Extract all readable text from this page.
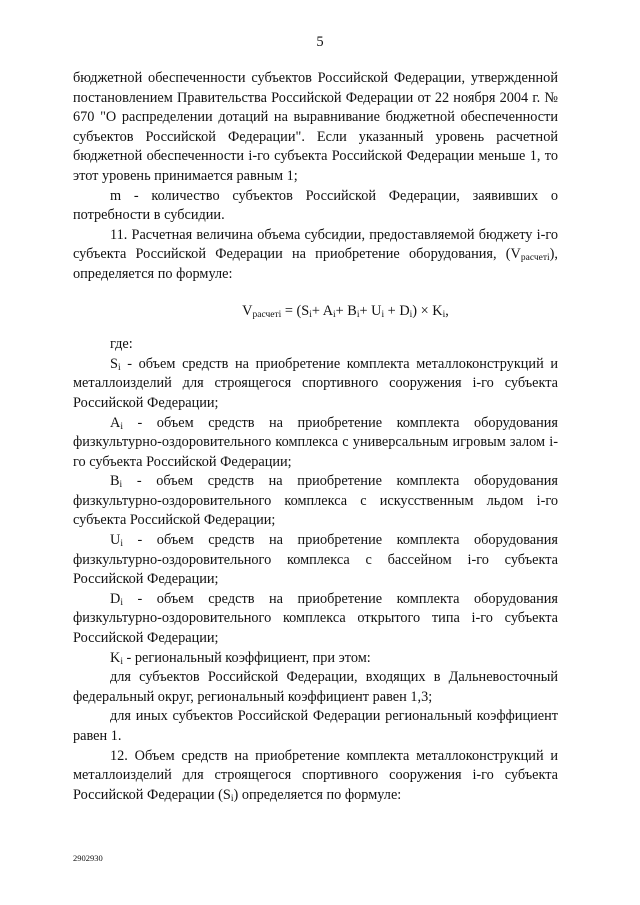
5

бюджетной обеспеченности субъектов Российской Федерации, утвержденной постановлением Правительства Российской Федерации от 22 ноября 2004 г. № 670 "О распределении дотаций на выравнивание бюджетной обеспеченности субъектов Российской Федерации". Если указанный уровень расчетной бюджетной обеспеченности i-го субъекта Российской Федерации меньше 1, то этот уровень принимается равным 1;

m - количество субъектов Российской Федерации, заявивших о потребности в субсидии.

11. Расчетная величина объема субсидии, предоставляемой бюджету i-го субъекта Российской Федерации на приобретение оборудования, $(V_{расчетi})$, определяется по формуле:

$V_{расчетi} = (S_i+ A_i+ B_i+ U_i + D_i) \times K_i$,

где:

$S_i$ - объем средств на приобретение комплекта металлоконструкций и металлоизделий для строящегося спортивного сооружения i-го субъекта Российской Федерации;

$A_i$ - объем средств на приобретение комплекта оборудования физкультурно-оздоровительного комплекса с универсальным игровым залом i-го субъекта Российской Федерации;

$B_i$ - объем средств на приобретение комплекта оборудования физкультурно-оздоровительного комплекса с искусственным льдом i-го субъекта Российской Федерации;

$U_i$ - объем средств на приобретение комплекта оборудования физкультурно-оздоровительного комплекса с бассейном i-го субъекта Российской Федерации;

$D_i$ - объем средств на приобретение комплекта оборудования физкультурно-оздоровительного комплекса открытого типа i-го субъекта Российской Федерации;

$K_i$ - региональный коэффициент, при этом:

для субъектов Российской Федерации, входящих в Дальневосточный федеральный округ, региональный коэффициент равен 1,3;

для иных субъектов Российской Федерации региональный коэффициент равен 1.

12. Объем средств на приобретение комплекта металлоконструкций и металлоизделий для строящегося спортивного сооружения i-го субъекта Российской Федерации $(S_i)$ определяется по формуле:

2902930
